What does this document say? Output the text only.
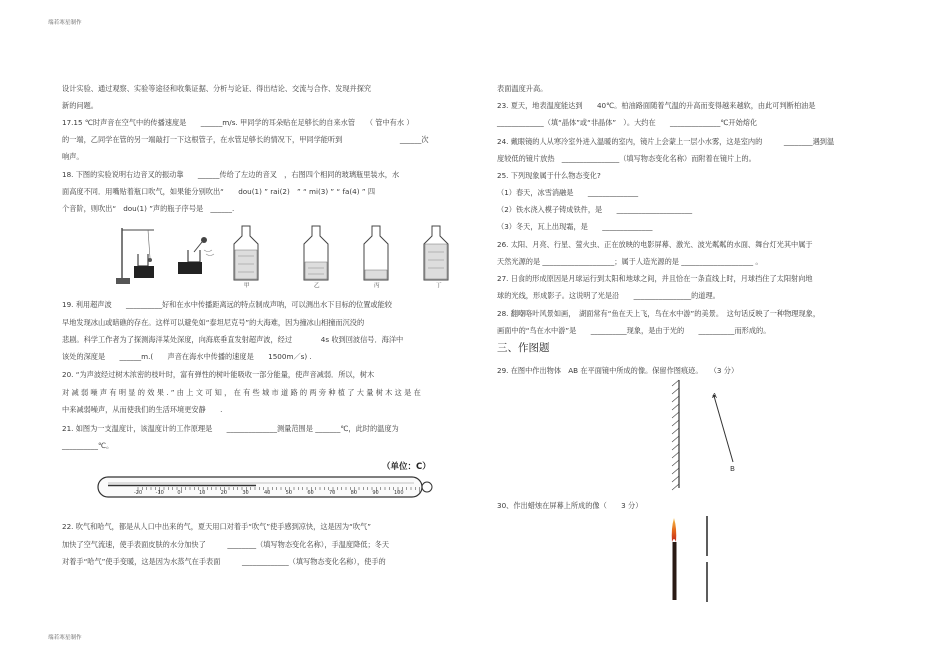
端若寒星制作
端若寒星制作
设计实验、通过观察、实验等途径和收集证据、分析与论证、得出结论、交流与合作、发现并探究
新的问题。
17.15 ℃时声音在空气中的传播速度是　　______m/s. 甲同学的耳朵贴在足够长的自来水管　　（ 管中有水 ）
的一端，乙同学在管的另一端敲打一下这根管子，在水管足够长的情况下，甲同学能听到　　　　　　　　______次
响声。
18. 下图的实验说明右边音叉的振动靠　　______传给了左边的音叉　，右图四个相同的玻璃瓶里装水，水
面高度不同．用嘴贴着瓶口吹气，如果能分别吹出“　　dou(1) ” rai(2)　” “ mi(3) ” “ fa(4) ” 四
个音阶，则吹出“　dou(1) ”声的瓶子序号是　______.
甲	乙	丙	丁
19. 利用超声波　　__________好和在水中传播距离远的特点制成声呐，可以测出水下目标的位置或能较
早地发现冰山或暗礁的存在。这样可以避免如“泰坦尼克号”的大海难，因为撞冰山相撞而沉没的
悲剧。科学工作者为了探测海洋某处深度，向海底垂直发射超声波，经过　　　　4s 收到回波信号．海洋中
该处的深度是　　______m.(　　声音在海水中传播的速度是　　1500m／s) .
20. “为声波经过树木浓密的枝叶时，富有弹性的树叶能吸收一部分能量，使声音减弱．所以，树木
对 减 弱 噪 声 有 明 显 的 效 果 . ” 由 上 文 可 知 ， 在 有 些 城 市 道 路 的 两 旁 种 植 了 大 量 树 木 这 是 在
中来减弱噪声，从而使我们的生活环境更安静　　.
21. 如图为一支温度计，该温度计的工作原理是　　______________测量范围是 _______℃，此时的温度为
__________℃。
（单位：C）
-20	-10	0	10	20	30	40	50	60	70	80	90	100
22. 吹气和哈气，都是从人口中出来的气，夏天用口对着手“吹气”使手感到凉快，这是因为“吹气”
加快了空气流速，使手表面皮肤的水分加快了　　　________（填写物态变化名称），手温度降低；冬天
对着手“哈气”使手变暖，这是因为水蒸气在手表面　　　_____________（填写物态变化名称），使手的
表面温度升高。
23. 夏天，地表温度能达到　　40℃。柏油路面随着气温的升高而变得越来越软，由此可判断柏油是
_____________（填“晶体”或“非晶体”　）。大约在　　______________℃开始熔化
24. 戴眼镜的人从寒冷室外进入温暖的室内，镜片上会蒙上一层小水雾，这是室内的　　　________遇到温
度较低的镜片放热　________________（填写物态变化名称）而附着在镜片上的。
25. 下列现象属于什么物态变化?
（1）春天，冰雪消融是　　______________
（2）铁水浇入模子铸成铁件，是　　_____________________
（3）冬天，瓦上出现霜，是　　______________
26. 太阳、月亮、行星、萤火虫、正在放映的电影屏幕、激光、波光粼粼的水面、舞台灯光其中属于
天然光源的是 ____________________；属于人造光源的是 ____________________ 。
27. 日食的形成原因是月球运行到太阳和地球之间，并且恰在一条直线上时，月球挡住了太阳射向地
球的光线，形成影子。这说明了光是沿　　________________的道理。
28. 翻嘲咯叶风景如画，　湖面常有“鱼在天上飞，鸟在水中游”的美景。　这句话反映了一种物理现象，
画面中的“鸟在水中游”是　　__________现象，是由于光的　　__________而形成的。
三、作图题
29. 在图中作出物体　AB 在平面镜中所成的像。保留作图痕迹。　　（3 分）
A
B
30、作出蜡烛在屏幕上所成的像（　　3 分）
